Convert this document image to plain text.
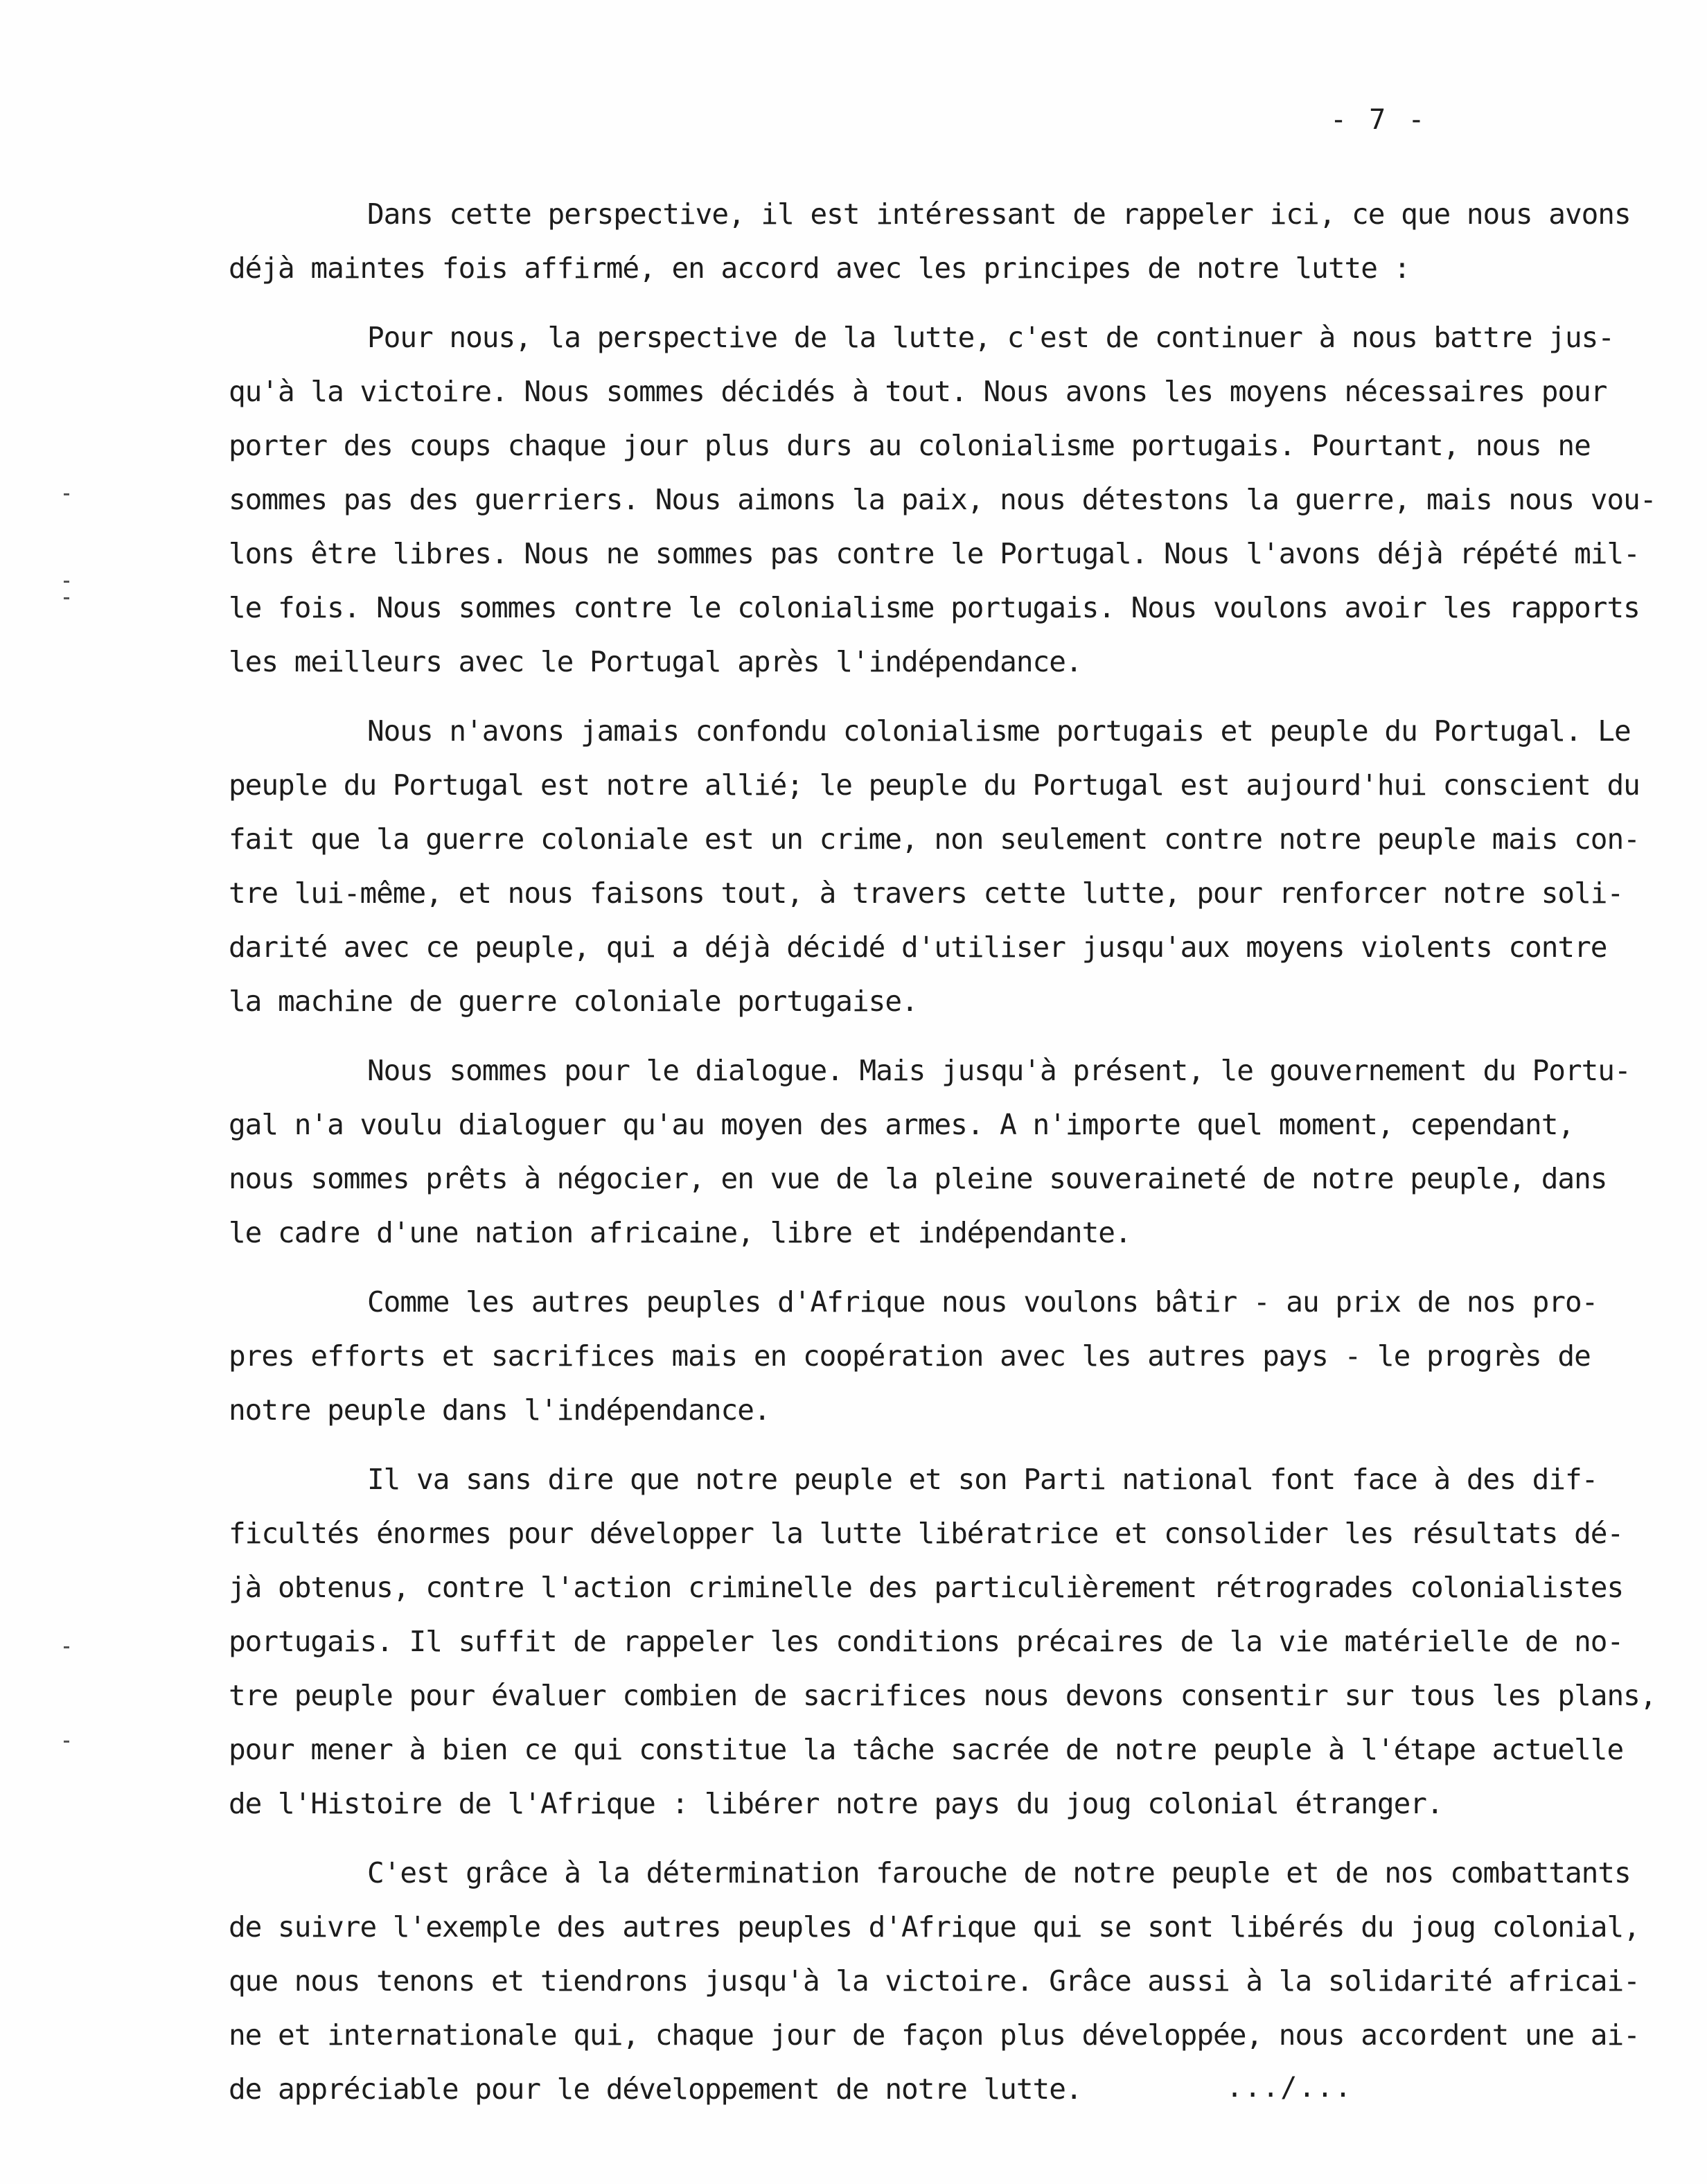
- 7 -
Dans cette perspective, il est intéressant de rappeler ici, ce que nous avons
déjà maintes fois affirmé, en accord avec les principes de notre lutte :
Pour nous, la perspective de la lutte, c'est de continuer à nous battre jus-
qu'à la victoire. Nous sommes décidés à tout. Nous avons les moyens nécessaires pour
porter des coups chaque jour plus durs au colonialisme portugais. Pourtant, nous ne
sommes pas des guerriers. Nous aimons la paix, nous détestons la guerre, mais nous vou-
lons être libres. Nous ne sommes pas contre le Portugal. Nous l'avons déjà répété mil-
le fois. Nous sommes contre le colonialisme portugais. Nous voulons avoir les rapports
les meilleurs avec le Portugal après l'indépendance.
Nous n'avons jamais confondu colonialisme portugais et peuple du Portugal. Le
peuple du Portugal est notre allié; le peuple du Portugal est aujourd'hui conscient du
fait que la guerre coloniale est un crime, non seulement contre notre peuple mais con-
tre lui-même, et nous faisons tout, à travers cette lutte, pour renforcer notre soli-
darité avec ce peuple, qui a déjà décidé d'utiliser jusqu'aux moyens violents contre
la machine de guerre coloniale portugaise.
Nous sommes pour le dialogue. Mais jusqu'à présent, le gouvernement du Portu-
gal n'a voulu dialoguer qu'au moyen des armes. A n'importe quel moment, cependant,
nous sommes prêts à négocier, en vue de la pleine souveraineté de notre peuple, dans
le cadre d'une nation africaine, libre et indépendante.
Comme les autres peuples d'Afrique nous voulons bâtir - au prix de nos pro-
pres efforts et sacrifices mais en coopération avec les autres pays - le progrès de
notre peuple dans l'indépendance.
Il va sans dire que notre peuple et son Parti national font face à des dif-
ficultés énormes pour développer la lutte libératrice et consolider les résultats dé-
jà obtenus, contre l'action criminelle des particulièrement rétrogrades colonialistes
portugais. Il suffit de rappeler les conditions précaires de la vie matérielle de no-
tre peuple pour évaluer combien de sacrifices nous devons consentir sur tous les plans,
pour mener à bien ce qui constitue la tâche sacrée de notre peuple à l'étape actuelle
de l'Histoire de l'Afrique : libérer notre pays du joug colonial étranger.
C'est grâce à la détermination farouche de notre peuple et de nos combattants
de suivre l'exemple des autres peuples d'Afrique qui se sont libérés du joug colonial,
que nous tenons et tiendrons jusqu'à la victoire. Grâce aussi à la solidarité africai-
ne et internationale qui, chaque jour de façon plus développée, nous accordent une ai-
de appréciable pour le développement de notre lutte.	.../...
